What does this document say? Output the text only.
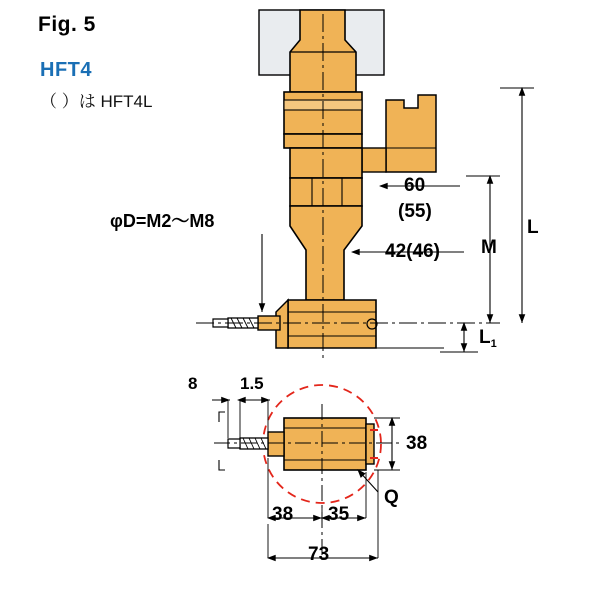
Fig. 5
HFT4
（ ）は HFT4L
φD=M2〜M8
60
(55)
42(46) M
L
$L_1$
8	1.5
38
Q
38 35
73
